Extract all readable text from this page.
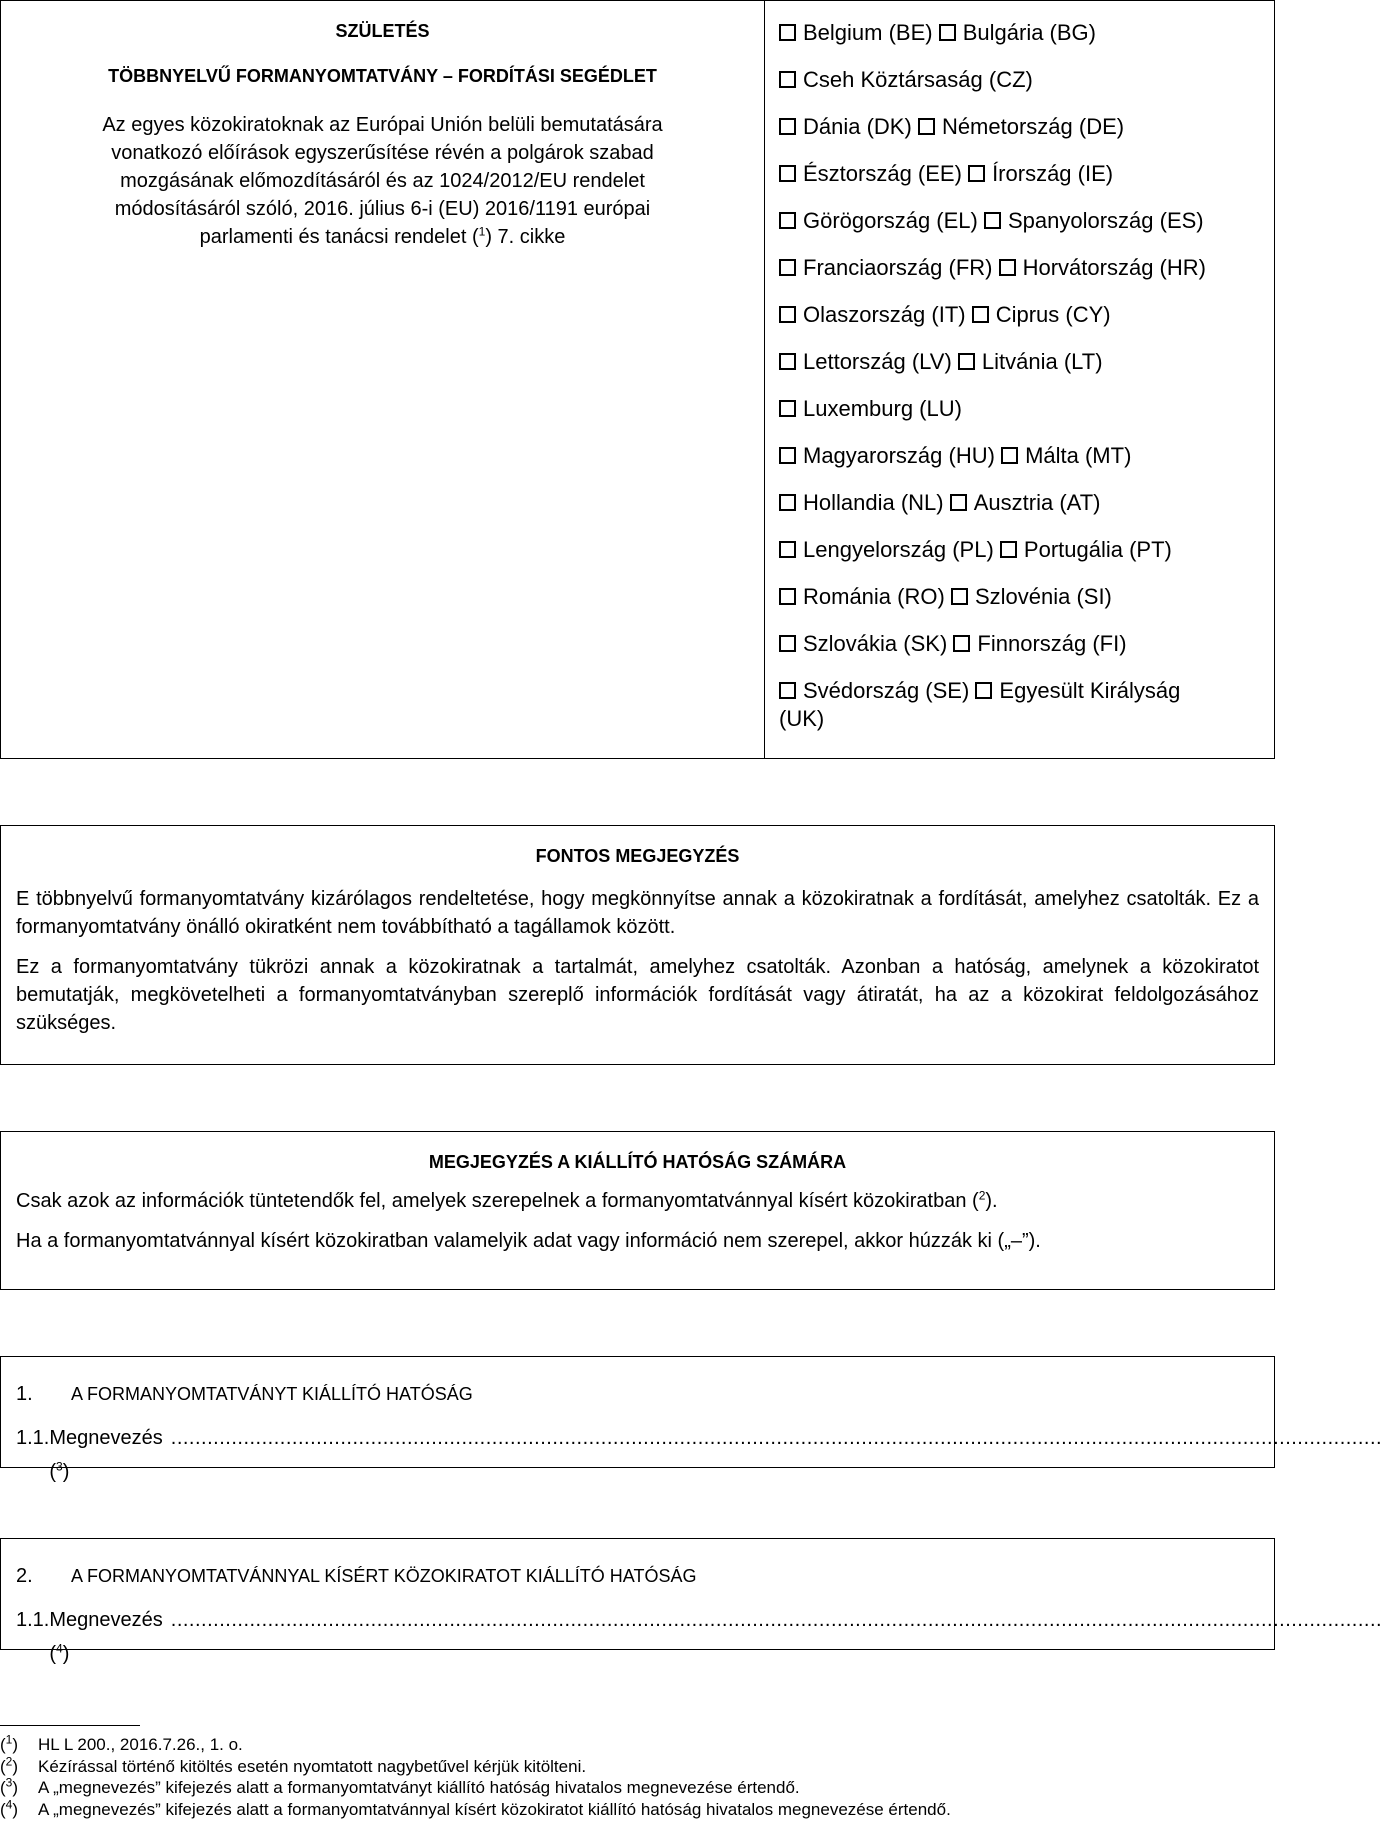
SZÜLETÉS
TÖBBNYELVŰ FORMANYOMTATVÁNY – FORDÍTÁSI SEGÉDLET
Az egyes közokiratoknak az Európai Unión belüli bemutatására
vonatkozó előírások egyszerűsítése révén a polgárok szabad
mozgásának előmozdításáról és az 1024/2012/EU rendelet
módosításáról szóló, 2016. július 6-i (EU) 2016/1191 európai
parlamenti és tanácsi rendelet ($^1$) 7. cikke
Belgium (BE) Bulgária (BG)
Cseh Köztársaság (CZ)
Dánia (DK) Németország (DE)
Észtország (EE) Írország (IE)
Görögország (EL) Spanyolország (ES)
Franciaország (FR) Horvátország (HR)
Olaszország (IT) Ciprus (CY)
Lettország (LV) Litvánia (LT)
Luxemburg (LU)
Magyarország (HU) Málta (MT)
Hollandia (NL) Ausztria (AT)
Lengyelország (PL) Portugália (PT)
Románia (RO) Szlovénia (SI)
Szlovákia (SK) Finnország (FI)
Svédország (SE) Egyesült Királyság
(UK)
FONTOS MEGJEGYZÉS
E többnyelvű formanyomtatvány kizárólagos rendeltetése, hogy megkönnyítse annak a közokiratnak a fordítását, amelyhez csatolták. Ez a formanyomtatvány önálló okiratként nem továbbítható a tagállamok között.
Ez a formanyomtatvány tükrözi annak a közokiratnak a tartalmát, amelyhez csatolták. Azonban a hatóság, amelynek a közokiratot bemutatják, megkövetelheti a formanyomtatványban szereplő információk fordítását vagy átiratát, ha az a közokirat feldolgozásához szükséges.
MEGJEGYZÉS A KIÁLLÍTÓ HATÓSÁG SZÁMÁRA
Csak azok az információk tüntetendők fel, amelyek szerepelnek a formanyomtatvánnyal kísért közokiratban ($^2$).
Ha a formanyomtatvánnyal kísért közokiratban valamelyik adat vagy információ nem szerepel, akkor húzzák ki („–”).
1. A FORMANYOMTATVÁNYT KIÁLLÍTÓ HATÓSÁG
1.1. Megnevezés ($^3$)
........................................................................................................................................................................................................
2. A FORMANYOMTATVÁNNYAL KÍSÉRT KÖZOKIRATOT KIÁLLÍTÓ HATÓSÁG
1.1. Megnevezés ($^4$)
........................................................................................................................................................................................................
($^1$) HL L 200., 2016.7.26., 1. o.
($^2$) Kézírással történő kitöltés esetén nyomtatott nagybetűvel kérjük kitölteni.
($^3$) A „megnevezés” kifejezés alatt a formanyomtatványt kiállító hatóság hivatalos megnevezése értendő.
($^4$) A „megnevezés” kifejezés alatt a formanyomtatvánnyal kísért közokiratot kiállító hatóság hivatalos megnevezése értendő.
